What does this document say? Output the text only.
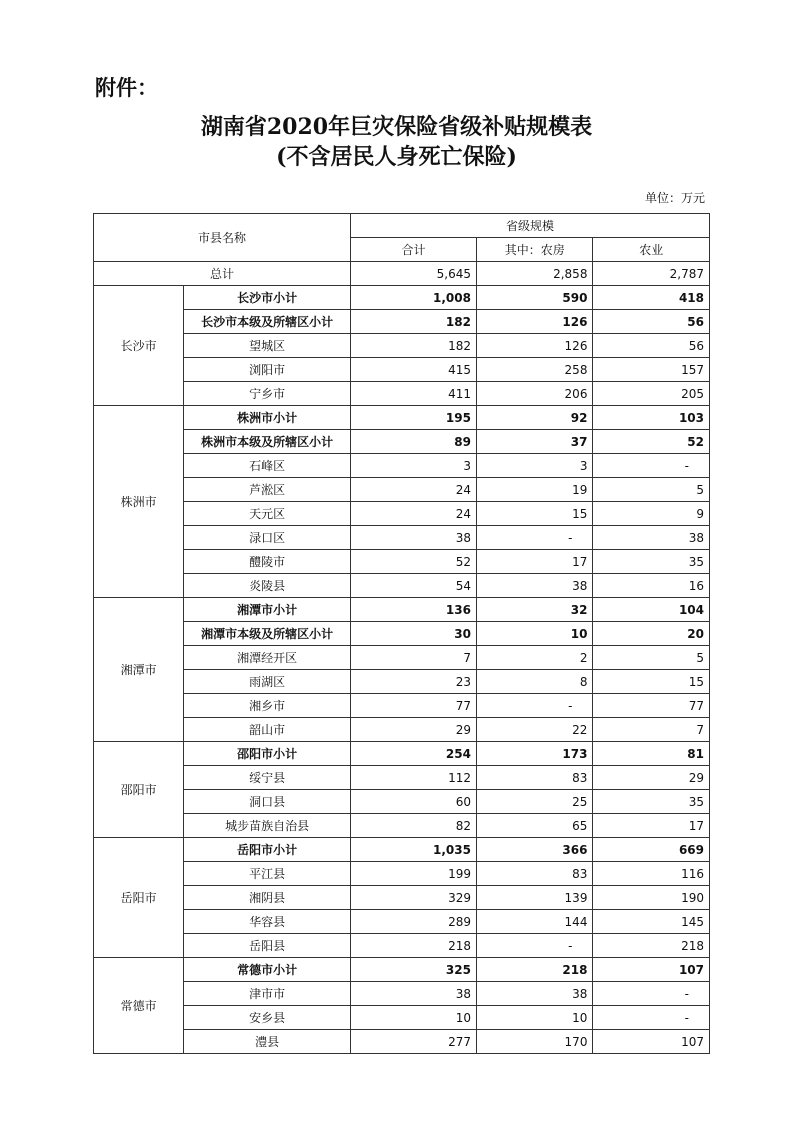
附件：
湖南省2020年巨灾保险省级补贴规模表
(不含居民人身死亡保险)
单位：万元
市县名称		省级规模		
		合计	其中：农房	农业
总计		5,645	2,858	2,787
长沙市	长沙市小计	1,008	590	418
	长沙市本级及所辖区小计	182	126	56
	望城区	182	126	56
	浏阳市	415	258	157
	宁乡市	411	206	205
株洲市	株洲市小计	195	92	103
	株洲市本级及所辖区小计	89	37	52
	石峰区	3	3	-
	芦淞区	24	19	5
	天元区	24	15	9
	渌口区	38	-	38
	醴陵市	52	17	35
	炎陵县	54	38	16
湘潭市	湘潭市小计	136	32	104
	湘潭市本级及所辖区小计	30	10	20
	湘潭经开区	7	2	5
	雨湖区	23	8	15
	湘乡市	77	-	77
	韶山市	29	22	7
邵阳市	邵阳市小计	254	173	81
	绥宁县	112	83	29
	洞口县	60	25	35
	城步苗族自治县	82	65	17
岳阳市	岳阳市小计	1,035	366	669
	平江县	199	83	116
	湘阴县	329	139	190
	华容县	289	144	145
	岳阳县	218	-	218
常德市	常德市小计	325	218	107
	津市市	38	38	-
	安乡县	10	10	-
	澧县	277	170	107
